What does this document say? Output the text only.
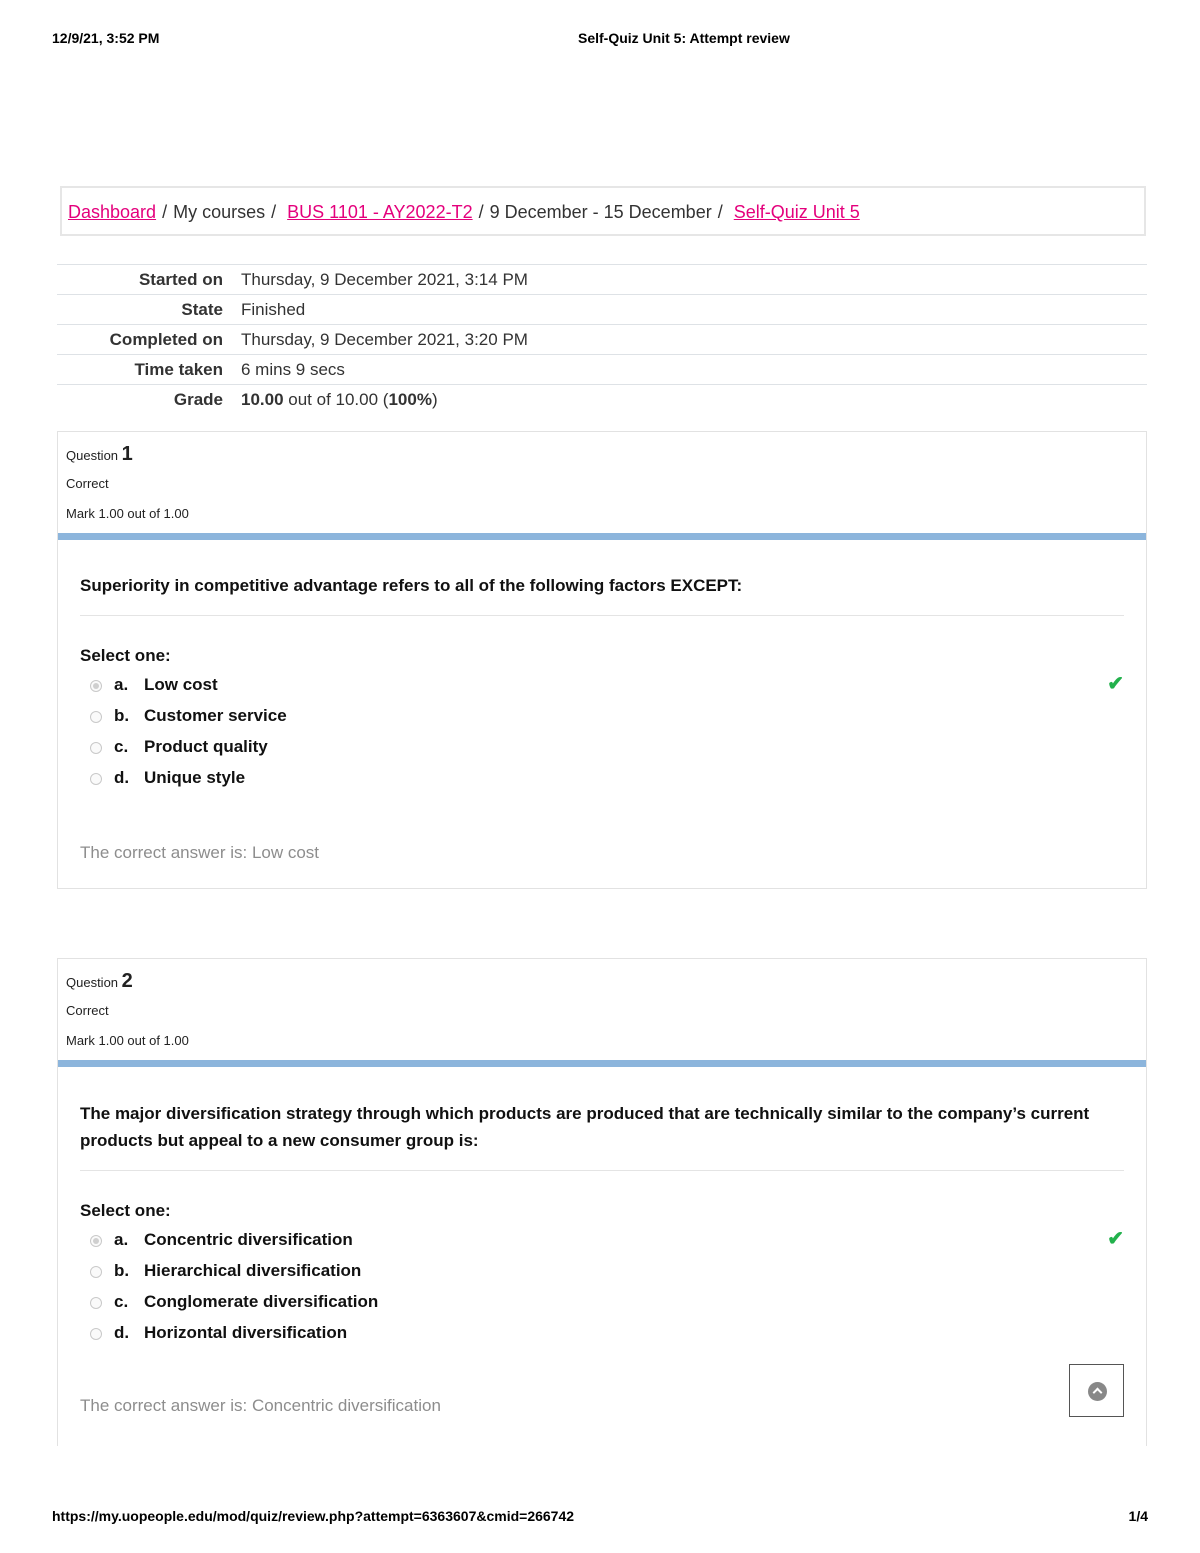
12/9/21, 3:52 PM	Self-Quiz Unit 5: Attempt review
Dashboard / My courses / BUS 1101 - AY2022-T2 / 9 December - 15 December / Self-Quiz Unit 5
Started on	Thursday, 9 December 2021, 3:14 PM
State	Finished
Completed on	Thursday, 9 December 2021, 3:20 PM
Time taken	6 mins 9 secs
Grade	10.00 out of 10.00 (100%)
Question 1
Correct
Mark 1.00 out of 1.00
Superiority in competitive advantage refers to all of the following factors EXCEPT:
Select one:
a. Low cost	✔
b. Customer service
c. Product quality
d. Unique style
The correct answer is: Low cost
Question 2
Correct
Mark 1.00 out of 1.00
The major diversification strategy through which products are produced that are technically similar to the company’s current products but appeal to a new consumer group is:
Select one:
a. Concentric diversification	✔
b. Hierarchical diversification
c. Conglomerate diversification
d. Horizontal diversification
The correct answer is: Concentric diversification
https://my.uopeople.edu/mod/quiz/review.php?attempt=6363607&cmid=266742	1/4
